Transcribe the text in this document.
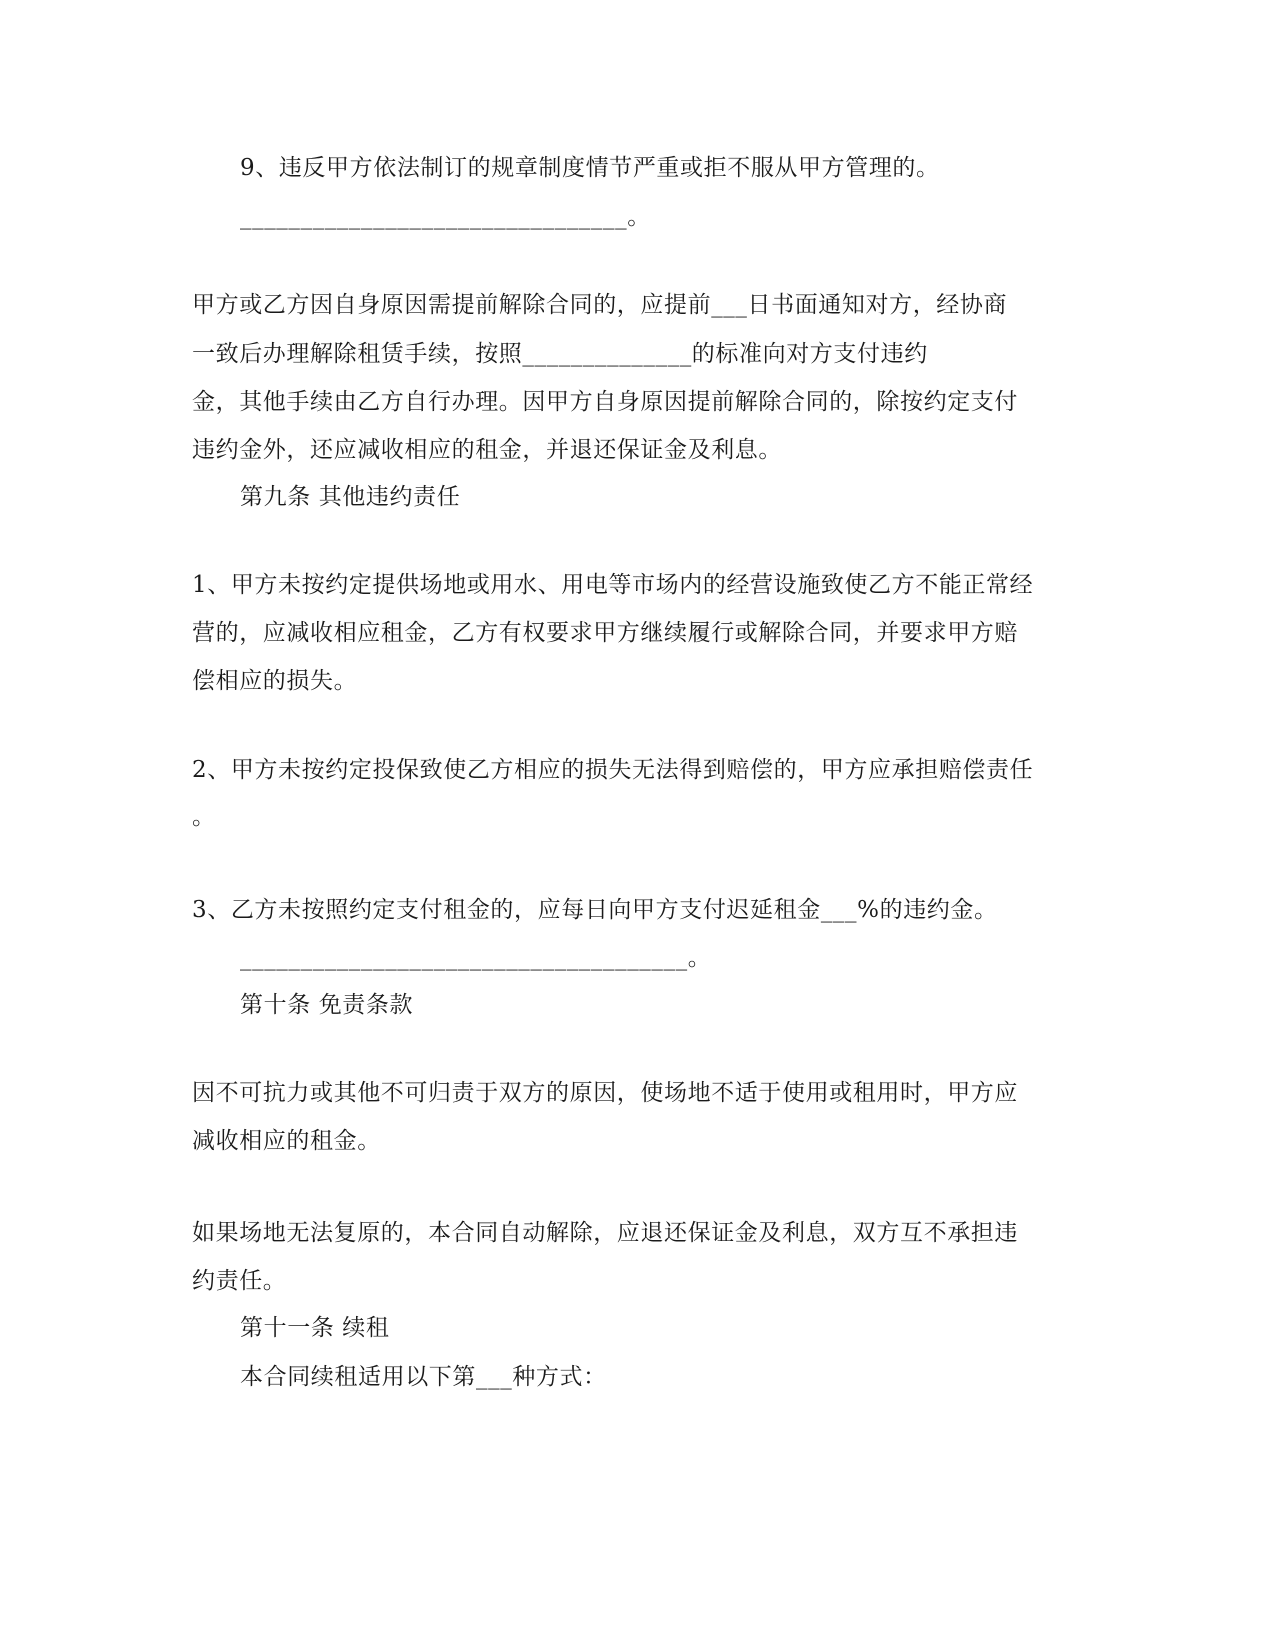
9、违反甲方依法制订的规章制度情节严重或拒不服从甲方管理的。
________________________________。
甲方或乙方因自身原因需提前解除合同的，应提前___日书面通知对方，经协商
一致后办理解除租赁手续，按照______________的标准向对方支付违约
金，其他手续由乙方自行办理。因甲方自身原因提前解除合同的，除按约定支付
违约金外，还应减收相应的租金，并退还保证金及利息。
第九条 其他违约责任
1、甲方未按约定提供场地或用水、用电等市场内的经营设施致使乙方不能正常经
营的，应减收相应租金，乙方有权要求甲方继续履行或解除合同，并要求甲方赔
偿相应的损失。
2、甲方未按约定投保致使乙方相应的损失无法得到赔偿的，甲方应承担赔偿责任
。
3、乙方未按照约定支付租金的，应每日向甲方支付迟延租金___%的违约金。
_____________________________________。
第十条 免责条款
因不可抗力或其他不可归责于双方的原因，使场地不适于使用或租用时，甲方应
减收相应的租金。
如果场地无法复原的，本合同自动解除，应退还保证金及利息，双方互不承担违
约责任。
第十一条 续租
本合同续租适用以下第___种方式：
